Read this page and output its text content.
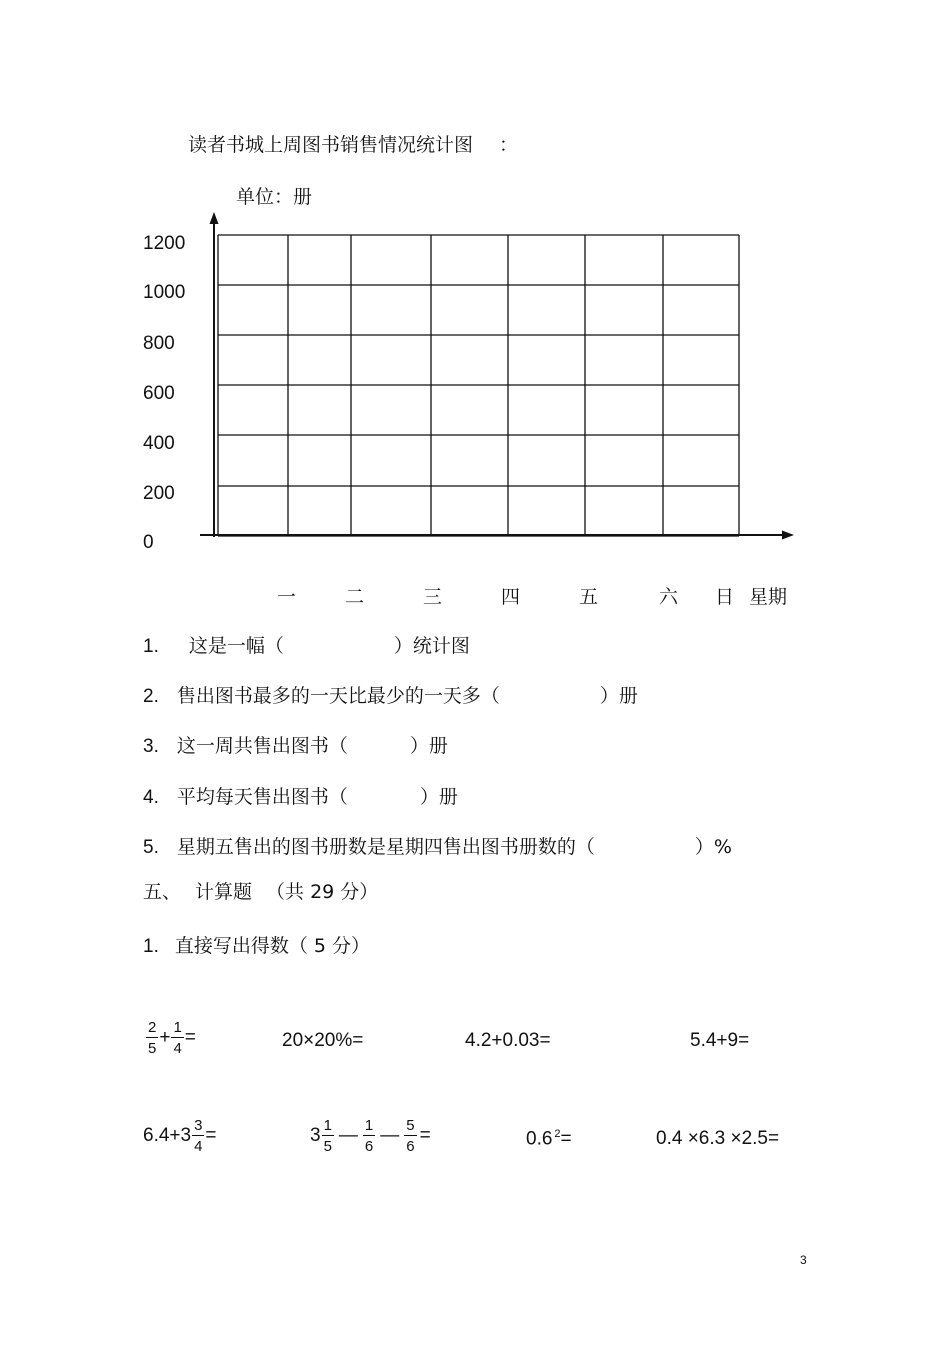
读者书城上周图书销售情况统计图 ：
单位：册
1200
1000
800
600
400
200
0
一	二	三	四	五	六 日 星期
1. 这是一幅（	）统计图
2. 售出图书最多的一天比最少的一天多（	）册
3. 这一周共售出图书（	）册
4. 平均每天售出图书（	）册
5. 星期五售出的图书册数是星期四售出图书册数的（	）%
五、 计算题 （共 29 分）
1. 直接写出得数（ 5 分）
$\frac{2}{5} + \frac{1}{4}$ =	20×20%=	4.2+0.03=	5.4+9=
$6.4+3 \frac{3}{4}$ =	$3 \frac{1}{5}$ — $\frac{1}{6}$ — $\frac{5}{6}$ =	0.6 $^2$=	0.4 ×6.3 ×2.5=
3
